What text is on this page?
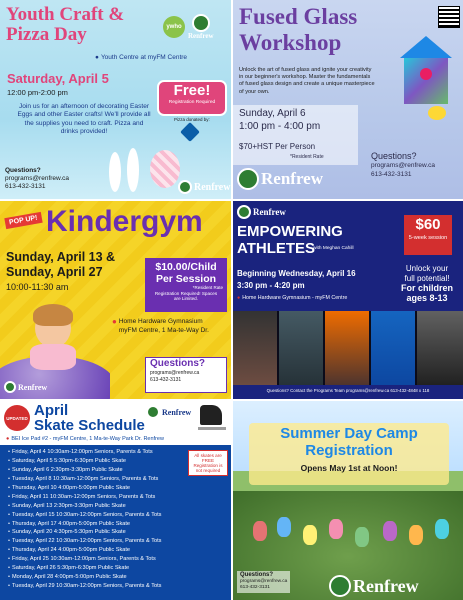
Youth Craft &
Pizza Day	ywho
Renfrew
● Youth Centre at myFM Centre
Saturday, April 5
12:00 pm-2:00 pm
Join us for an afternoon of decorating Easter Eggs and other Easter crafts! We'll provide all the supplies you need to craft. Pizza and drinks provided!
Free!
Registration Required
Pizza donated by:
Questions?
programs@renfrew.ca
613-432-3131	Renfrew
Fused Glass
Workshop
Unlock the art of fused glass and ignite your creativity in our beginner's workshop. Master the fundamentals of fused glass design and create a unique masterpiece of your own.
Sunday, April 6
1:00 pm - 4:00 pm
$70+HST Per Person
*Resident Rate	Questions?
programs@renfrew.ca
613-432-3131
Renfrew
POP UP! Kindergym
Sunday, April 13 &
Sunday, April 27
10:00-11:30 am
$10.00/Child
Per Session
*Resident Rate
Registration Required! Spaces are Limited.
● Home Hardware Gymnasium
myFM Centre, 1 Ma-te-Way Dr.
Questions?
programs@renfrew.ca
613-432-3131
Renfrew
Renfrew
EMPOWERING
ATHLETES
with Meghan Cahill
$60
5-week session
Beginning Wednesday, April 16
3:30 pm - 4:20 pm
● Home Hardware Gymnasium - myFM Centre
Unlock your
full potential!
For children
ages 8-13
Questions? Contact the Programs Team programs@renfrew.ca 613-432-4848 x 118
UPDATED April
Skate Schedule
Renfrew
● BEI Ice Pad #2 - myFM Centre, 1 Ma-te-Way Park Dr. Renfrew
All skates are FREE Registration is not required
• Friday, April 4 10:30am-12:00pm Seniors, Parents & Tots
• Saturday, April 5 5:30pm-6:30pm Public Skate
• Sunday, April 6 2:30pm-3:30pm Public Skate
• Tuesday, April 8 10:30am-12:00pm Seniors, Parents & Tots
• Thursday, April 10 4:00pm-5:00pm Public Skate
• Friday, April 11 10:30am-12:00pm Seniors, Parents & Tots
• Sunday, April 13 2:30pm-3:30pm Public Skate
• Tuesday, April 15 10:30am-12:00pm Seniors, Parents & Tots
• Thursday, April 17 4:00pm-5:00pm Public Skate
• Sunday, April 20 4:30pm-5:30pm Public Skate
• Tuesday, April 22 10:30am-12:00pm Seniors, Parents & Tots
• Thursday, April 24 4:00pm-5:00pm Public Skate
• Friday, April 25 10:30am-12:00pm Seniors, Parents & Tots
• Saturday, April 26 5:30pm-6:30pm Public Skate
• Monday, April 28 4:00pm-5:00pm Public Skate
• Tuesday, April 29 10:30am-12:00pm Seniors, Parents & Tots
Summer Day Camp
Registration
Opens May 1st at Noon!
Questions?
programs@renfrew.ca
613-432-3131	Renfrew
